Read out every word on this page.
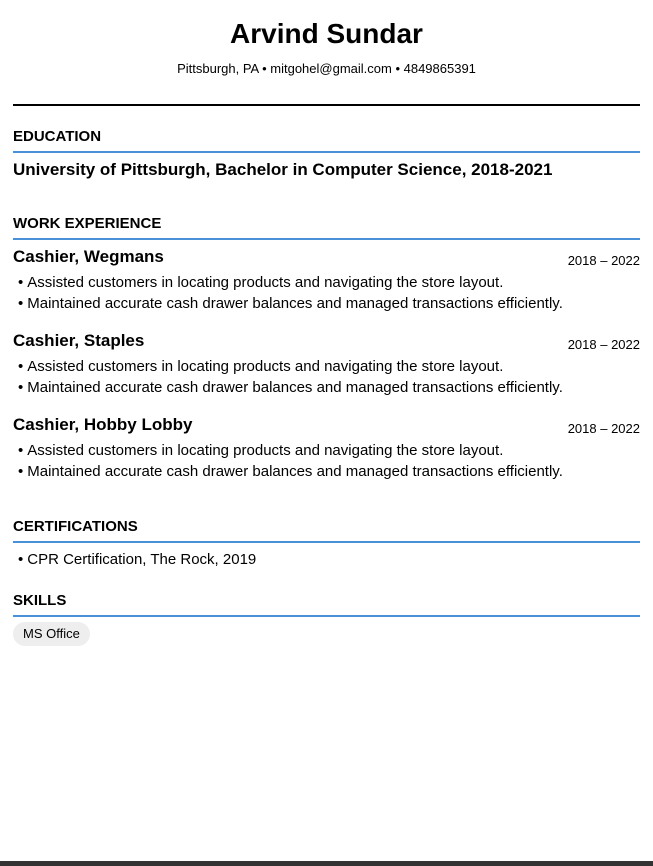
Arvind Sundar
Pittsburgh, PA • mitgohel@gmail.com • 4849865391
EDUCATION
University of Pittsburgh, Bachelor in Computer Science, 2018-2021
WORK EXPERIENCE
Cashier, Wegmans	2018 – 2022
• Assisted customers in locating products and navigating the store layout.
• Maintained accurate cash drawer balances and managed transactions efficiently.
Cashier, Staples	2018 – 2022
• Assisted customers in locating products and navigating the store layout.
• Maintained accurate cash drawer balances and managed transactions efficiently.
Cashier, Hobby Lobby	2018 – 2022
• Assisted customers in locating products and navigating the store layout.
• Maintained accurate cash drawer balances and managed transactions efficiently.
CERTIFICATIONS
• CPR Certification, The Rock, 2019
SKILLS
MS Office
